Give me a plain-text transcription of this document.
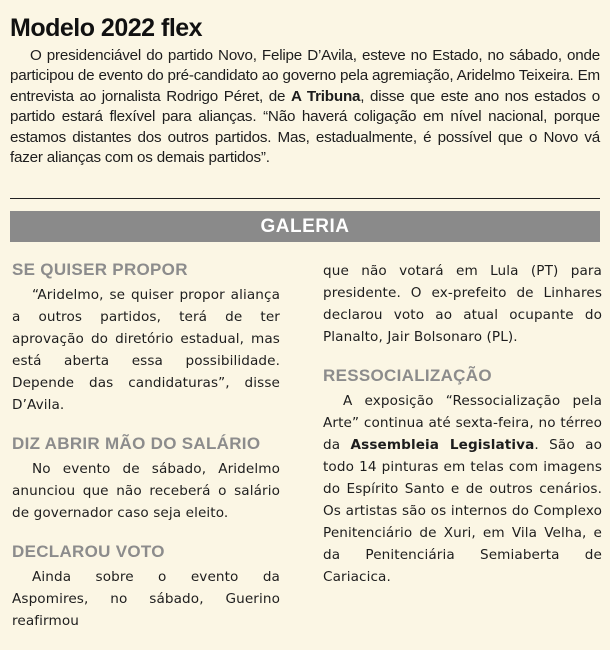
Modelo 2022 flex

O presidenciável do partido Novo, Felipe D’Avila, esteve no Estado, no sábado, onde participou de evento do pré-candidato ao governo pela agremiação, Aridelmo Teixeira. Em entrevista ao jornalista Rodrigo Péret, de A Tribuna, disse que este ano nos estados o partido estará flexível para alianças. “Não haverá coligação em nível nacional, porque estamos distantes dos outros partidos. Mas, estadualmente, é possível que o Novo vá fazer alianças com os demais partidos”.

GALERIA
SE QUISER PROPOR

“Aridelmo, se quiser propor aliança a outros partidos, terá de ter aprovação do diretório estadual, mas está aberta essa possibilidade. Depende das candidaturas”, disse D’Avila.

DIZ ABRIR MÃO DO SALÁRIO

No evento de sábado, Aridelmo anunciou que não receberá o salário de governador caso seja eleito.

DECLAROU VOTO

Ainda sobre o evento da Aspomires, no sábado, Guerino reafirmou

que não votará em Lula (PT) para presidente. O ex-prefeito de Linhares declarou voto ao atual ocupante do Planalto, Jair Bolsonaro (PL).

RESSOCIALIZAÇÃO

A exposição “Ressocialização pela Arte” continua até sexta-feira, no térreo da Assembleia Legislativa. São ao todo 14 pinturas em telas com imagens do Espírito Santo e de outros cenários. Os artistas são os internos do Complexo Penitenciário de Xuri, em Vila Velha, e da Penitenciária Semiaberta de Cariacica.
